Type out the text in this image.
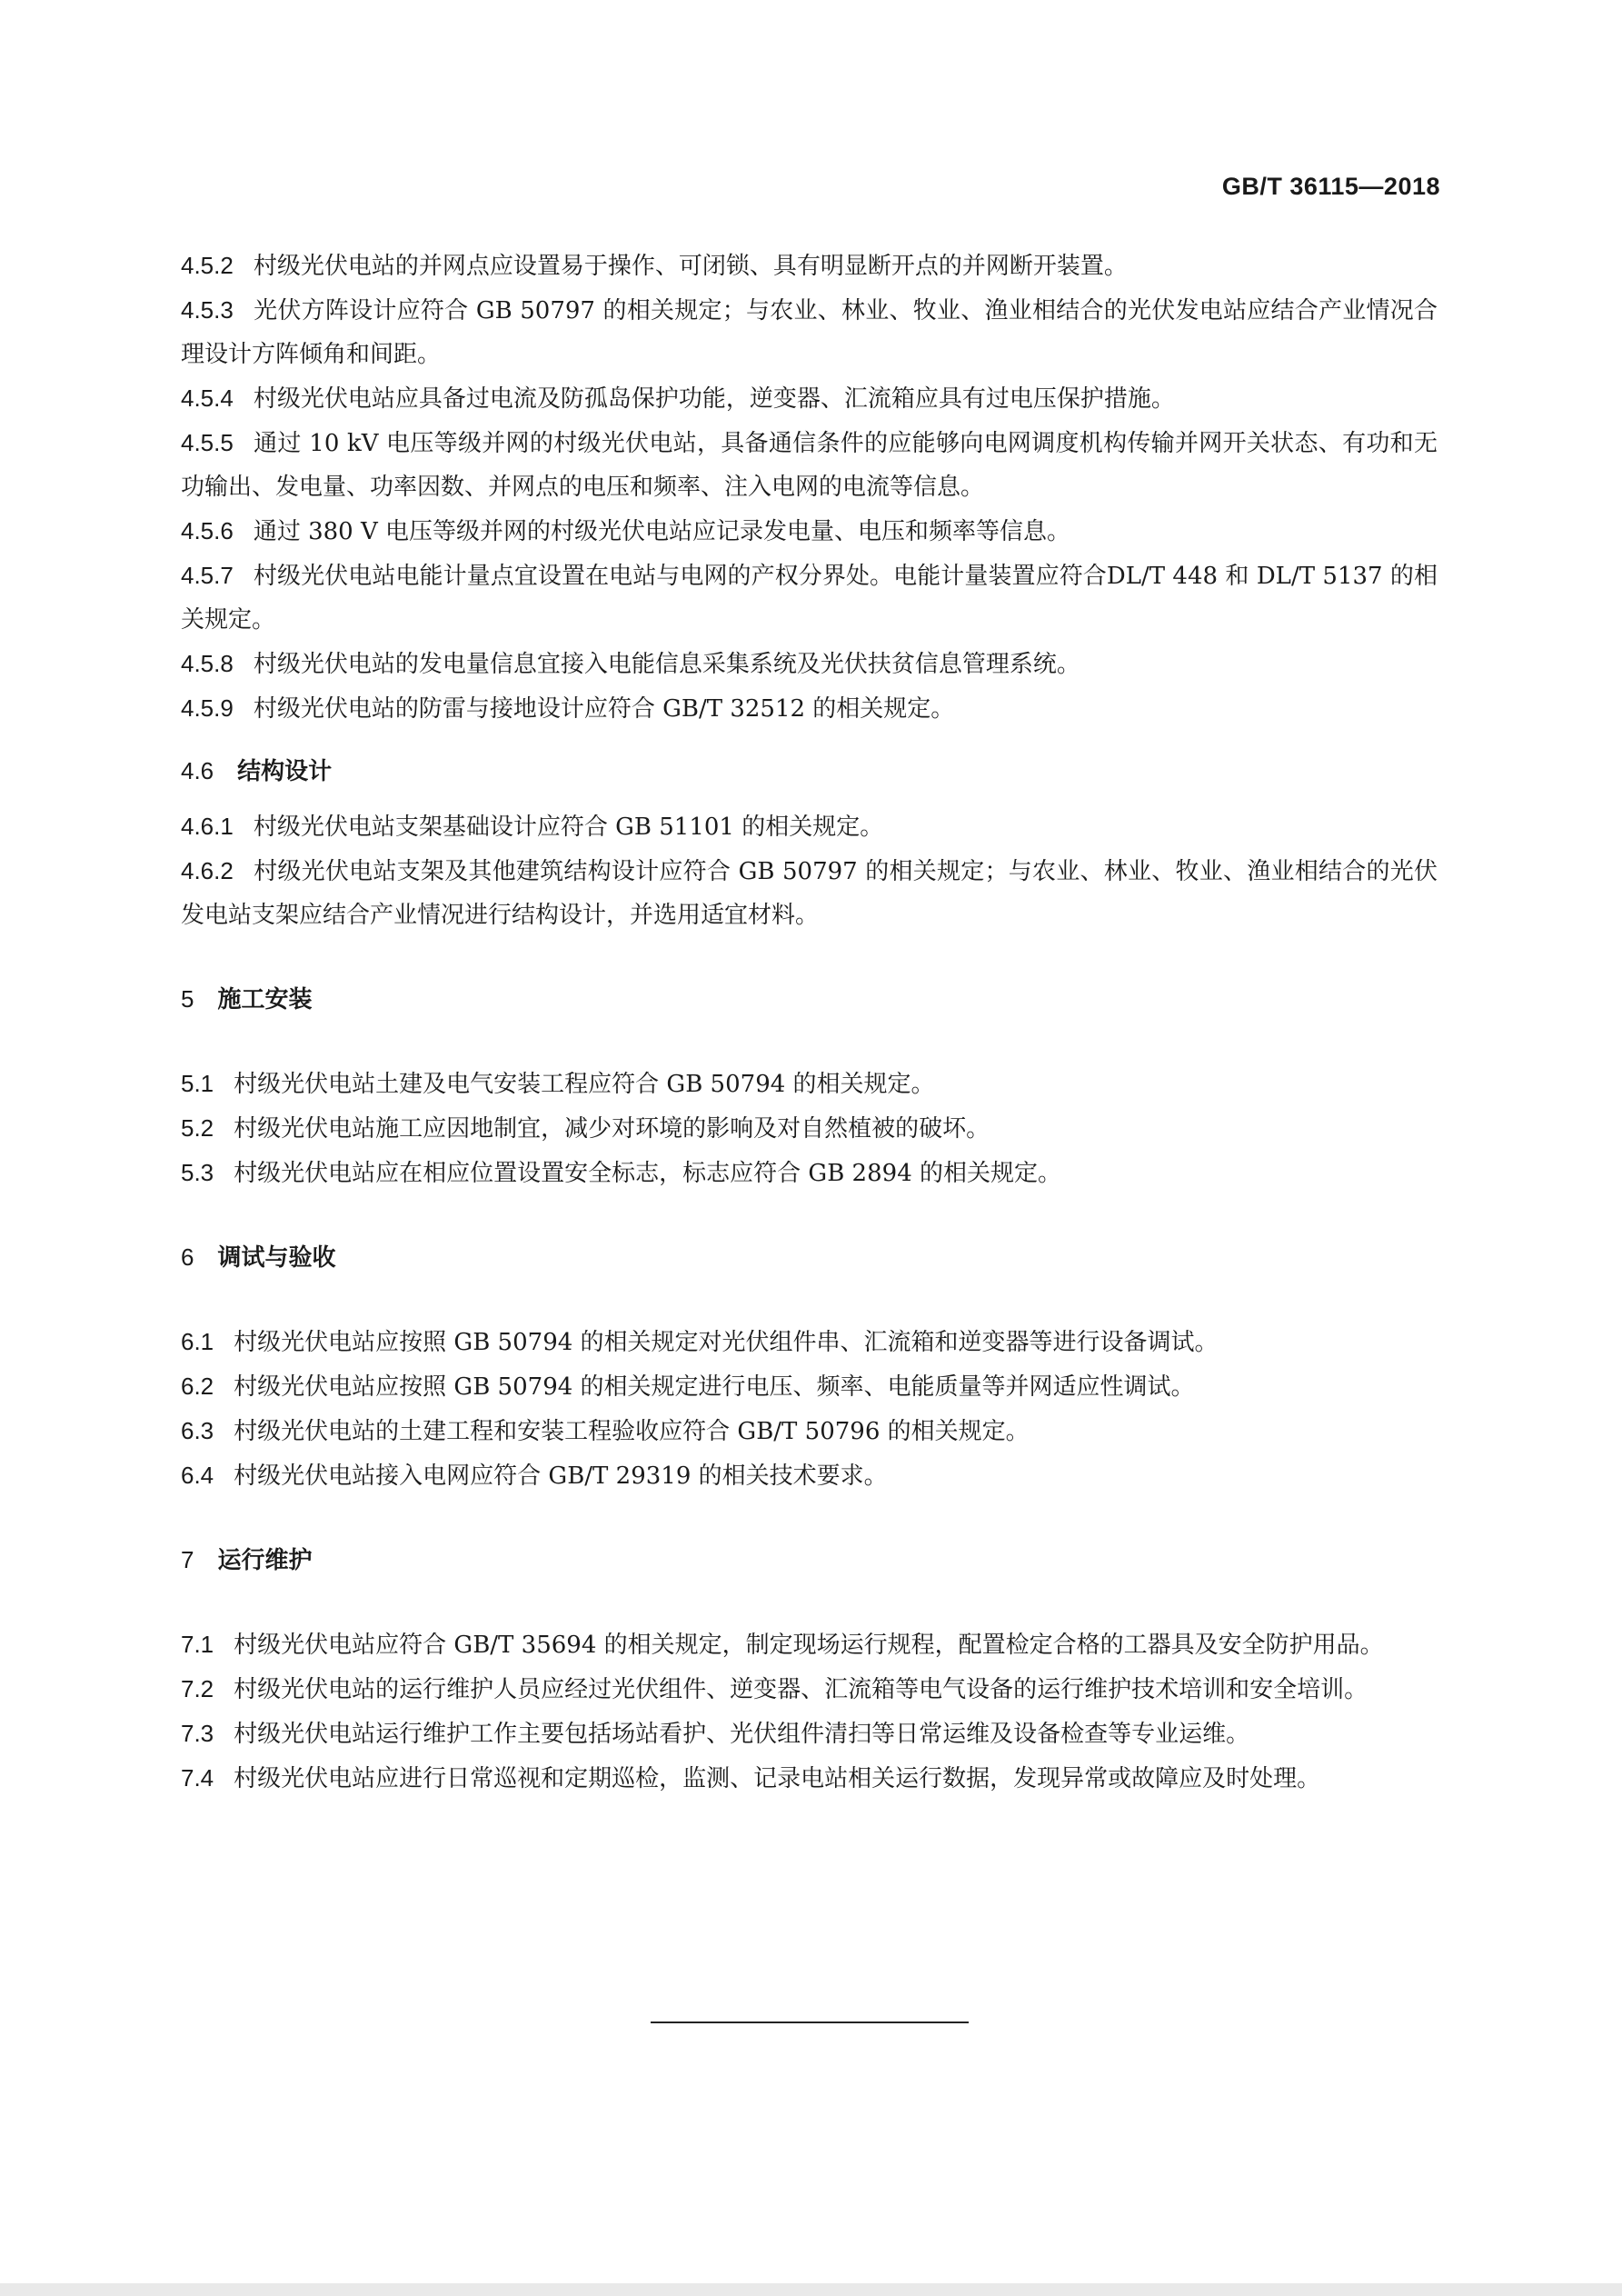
GB/T 36115—2018

4.5.2 村级光伏电站的并网点应设置易于操作、可闭锁、具有明显断开点的并网断开装置。

4.5.3 光伏方阵设计应符合 GB 50797 的相关规定；与农业、林业、牧业、渔业相结合的光伏发电站应结合产业情况合理设计方阵倾角和间距。

4.5.4 村级光伏电站应具备过电流及防孤岛保护功能，逆变器、汇流箱应具有过电压保护措施。

4.5.5 通过 10 kV 电压等级并网的村级光伏电站，具备通信条件的应能够向电网调度机构传输并网开关状态、有功和无功输出、发电量、功率因数、并网点的电压和频率、注入电网的电流等信息。

4.5.6 通过 380 V 电压等级并网的村级光伏电站应记录发电量、电压和频率等信息。

4.5.7 村级光伏电站电能计量点宜设置在电站与电网的产权分界处。电能计量装置应符合DL/T 448 和 DL/T 5137 的相关规定。

4.5.8 村级光伏电站的发电量信息宜接入电能信息采集系统及光伏扶贫信息管理系统。

4.5.9 村级光伏电站的防雷与接地设计应符合 GB/T 32512 的相关规定。

4.6 结构设计

4.6.1 村级光伏电站支架基础设计应符合 GB 51101 的相关规定。

4.6.2 村级光伏电站支架及其他建筑结构设计应符合 GB 50797 的相关规定；与农业、林业、牧业、渔业相结合的光伏发电站支架应结合产业情况进行结构设计，并选用适宜材料。

5 施工安装

5.1 村级光伏电站土建及电气安装工程应符合 GB 50794 的相关规定。

5.2 村级光伏电站施工应因地制宜，减少对环境的影响及对自然植被的破坏。

5.3 村级光伏电站应在相应位置设置安全标志，标志应符合 GB 2894 的相关规定。

6 调试与验收

6.1 村级光伏电站应按照 GB 50794 的相关规定对光伏组件串、汇流箱和逆变器等进行设备调试。

6.2 村级光伏电站应按照 GB 50794 的相关规定进行电压、频率、电能质量等并网适应性调试。

6.3 村级光伏电站的土建工程和安装工程验收应符合 GB/T 50796 的相关规定。

6.4 村级光伏电站接入电网应符合 GB/T 29319 的相关技术要求。

7 运行维护

7.1 村级光伏电站应符合 GB/T 35694 的相关规定，制定现场运行规程，配置检定合格的工器具及安全防护用品。

7.2 村级光伏电站的运行维护人员应经过光伏组件、逆变器、汇流箱等电气设备的运行维护技术培训和安全培训。

7.3 村级光伏电站运行维护工作主要包括场站看护、光伏组件清扫等日常运维及设备检查等专业运维。

7.4 村级光伏电站应进行日常巡视和定期巡检，监测、记录电站相关运行数据，发现异常或故障应及时处理。
